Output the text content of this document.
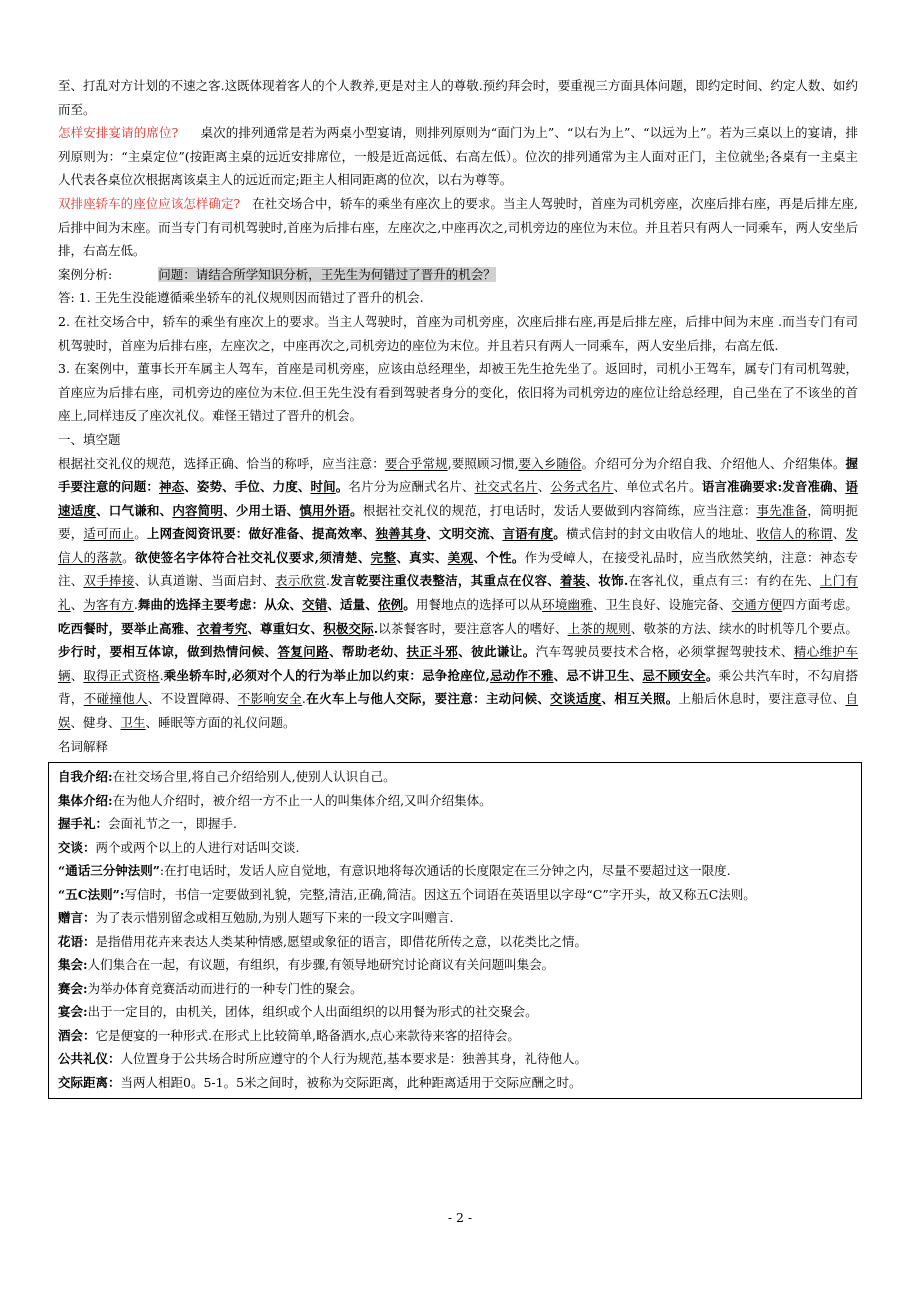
至、打乱对方计划的不速之客.这既体现着客人的个人教养,更是对主人的尊敬.预约拜会时，要重视三方面具体问题，即约定时间、约定人数、如约而至。

怎样安排宴请的席位? 桌次的排列通常是若为两桌小型宴请，则排列原则为“面门为上”、“以右为上”、“以远为上”。若为三桌以上的宴请，排列原则为：“主桌定位”(按距离主桌的远近安排席位，一般是近高远低、右高左低）。位次的排列通常为主人面对正门，主位就坐;各桌有一主桌主人代表各桌位次根据离该桌主人的远近而定;距主人相同距离的位次，以右为尊等。

双排座轿车的座位应该怎样确定? 在社交场合中，轿车的乘坐有座次上的要求。当主人驾驶时，首座为司机旁座，次座后排右座，再是后排左座,后排中间为末座。而当专门有司机驾驶时,首座为后排右座，左座次之,中座再次之,司机旁边的座位为末位。并且若只有两人一同乘车，两人安坐后排，右高左低。

案例分析:	问题：请结合所学知识分析，王先生为何错过了晋升的机会？

答: 1. 王先生没能遵循乘坐轿车的礼仪规则因而错过了晋升的机会.

2. 在社交场合中，轿车的乘坐有座次上的要求。当主人驾驶时，首座为司机旁座，次座后排右座,再是后排左座，后排中间为末座 .而当专门有司机驾驶时，首座为后排右座，左座次之，中座再次之,司机旁边的座位为末位。并且若只有两人一同乘车，两人安坐后排，右高左低.

3. 在案例中，董事长开车属主人驾车，首座是司机旁座，应该由总经理坐，却被王先生抢先坐了。返回时，司机小王驾车，属专门有司机驾驶，首座应为后排右座，司机旁边的座位为末位.但王先生没有看到驾驶者身分的变化，依旧将为司机旁边的座位让给总经理，自己坐在了不该坐的首座上,同样违反了座次礼仪。难怪王错过了晋升的机会。

一、填空题

根据社交礼仪的规范，选择正确、恰当的称呼，应当注意：要合乎常规,要照顾习惯,要入乡随俗。介绍可分为介绍自我、介绍他人、介绍集体。握手要注意的问题：神态、姿势、手位、力度、时间。名片分为应酬式名片、社交式名片、公务式名片、单位式名片。语言准确要求:发音准确、语速适度、口气谦和、内容简明、少用土语、慎用外语。根据社交礼仪的规范，打电话时，发话人要做到内容简练，应当注意：事先准备，简明扼要，适可而止。上网查阅资讯要：做好准备、提高效率、独善其身、文明交流、言语有度。横式信封的封文由收信人的地址、收信人的称谓、发信人的落款。欲使签名字体符合社交礼仪要求,须清楚、完整、真实、美观、个性。作为受嶂人，在接受礼品时，应当欣然笑纳，注意：神态专注、双手捧接、认真道谢、当面启封、表示欣赏.发言乾要注重仪表整洁，其重点在仪容、着装、妆饰.在客礼仪，重点有三：有约在先、上门有礼、为客有方.舞曲的选择主要考虑：从众、交错、适量、依例。用餐地点的选择可以从环境幽雅、卫生良好、设施完备、交通方便四方面考虑。吃西餐时，要举止高雅、衣着考究、尊重妇女、积极交际.以茶餐客时，要注意客人的嗜好、上茶的规则、敬茶的方法、续水的时机等几个要点。步行时，要相互体谅，做到热情问候、答复问路、帮助老幼、扶正斗邪、彼此谦让。汽车驾驶员要技术合格，必须掌握驾驶技术、精心维护车辆、取得正式资格.乘坐轿车时,必须对个人的行为举止加以约束：忌争抢座位,忌动作不雅、忌不讲卫生、忌不顾安全。乘公共汽车时，不勾肩搭背，不碰撞他人、不设置障碍、不影响安全.在火车上与他人交际，要注意：主动问候、交谈适度、相互关照。上船后休息时，要注意寻位、自娱、健身、卫生、睡眠等方面的礼仪问题。

名词解释

自我介绍:在社交场合里,将自己介绍给别人,使别人认识自己。

集体介绍:在为他人介绍时，被介绍一方不止一人的叫集体介绍,又叫介绍集体。

握手礼：会面礼节之一，即握手.

交谈：两个或两个以上的人进行对话叫交谈.

“通话三分钟法则”:在打电话时，发话人应自觉地，有意识地将每次通话的长度限定在三分钟之内，尽量不要超过这一限度.

“五C法则”:写信时，书信一定要做到礼貌，完整,清洁,正确,简洁。因这五个词语在英语里以字母“C”字开头，故又称五C法则。

赠言：为了表示惜别留念或相互勉励,为别人题写下来的一段文字叫赠言.

花语：是指借用花卉来表达人类某种情感,愿望或象征的语言，即借花所传之意，以花类比之情。

集会:人们集合在一起，有议题，有组织，有步骤,有领导地研究讨论商议有关问题叫集会。

赛会:为举办体育竞赛活动而进行的一种专门性的聚会。

宴会:出于一定目的，由机关，团体，组织或个人出面组织的以用餐为形式的社交聚会。

酒会：它是便宴的一种形式.在形式上比较简单,略备酒水,点心来款待来客的招待会。

公共礼仪：人位置身于公共场合时所应遵守的个人行为规范,基本要求是：独善其身，礼待他人。

交际距离：当两人相距0。5-1。5米之间时，被称为交际距离，此种距离适用于交际应酬之时。

- 2 -
